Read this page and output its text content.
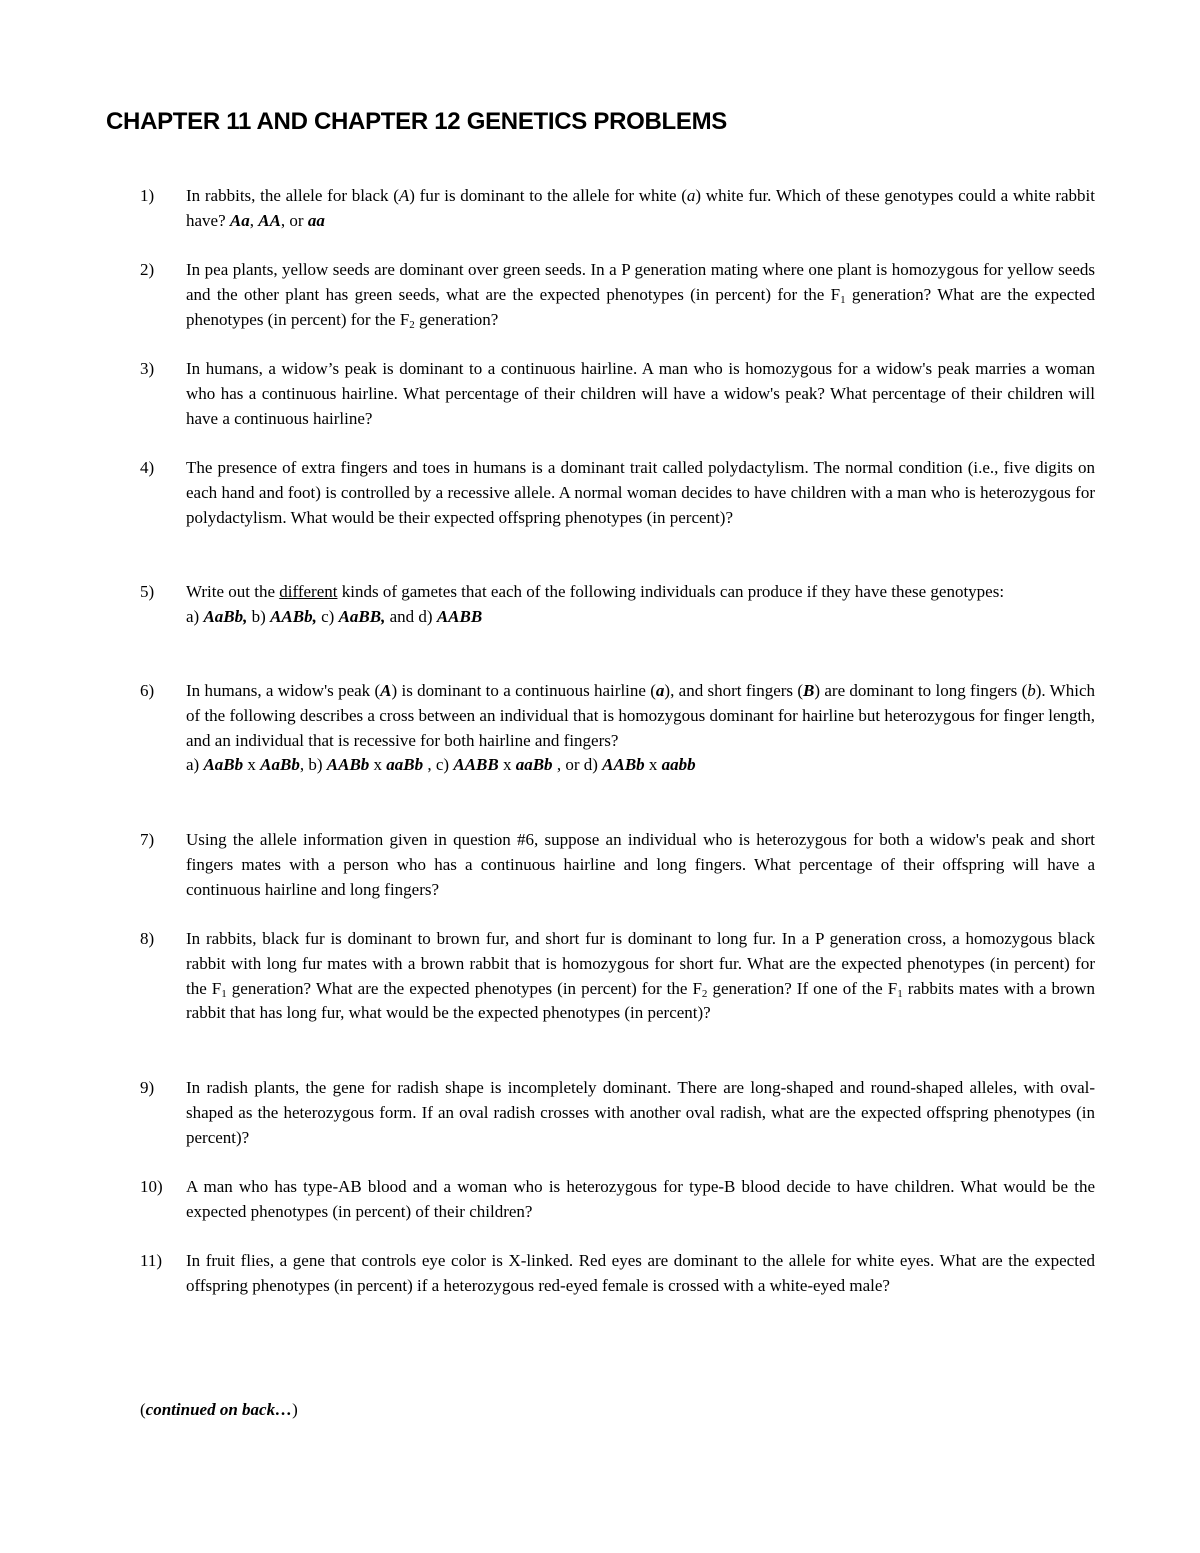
CHAPTER 11 AND CHAPTER 12 GENETICS PROBLEMS
1)	In rabbits, the allele for black (A) fur is dominant to the allele for white (a) white fur. Which of these genotypes could a white rabbit have? Aa, AA, or aa

2)	In pea plants, yellow seeds are dominant over green seeds. In a P generation mating where one plant is homozygous for yellow seeds and the other plant has green seeds, what are the expected phenotypes (in percent) for the $F_1$ generation? What are the expected phenotypes (in percent) for the $F_2$ generation?

3)	In humans, a widow’s peak is dominant to a continuous hairline. A man who is homozygous for a widow's peak marries a woman who has a continuous hairline. What percentage of their children will have a widow's peak? What percentage of their children will have a continuous hairline?

4)	The presence of extra fingers and toes in humans is a dominant trait called polydactylism. The normal condition (i.e., five digits on each hand and foot) is controlled by a recessive allele. A normal woman decides to have children with a man who is heterozygous for polydactylism. What would be their expected offspring phenotypes (in percent)?

5)	Write out the different kinds of gametes that each of the following individuals can produce if they have these genotypes:

a) AaBb, b) AABb, c) AaBB, and d) AABB

6)	In humans, a widow's peak (A) is dominant to a continuous hairline (a), and short fingers (B) are dominant to long fingers (b). Which of the following describes a cross between an individual that is homozygous dominant for hairline but heterozygous for finger length, and an individual that is recessive for both hairline and fingers?

a) AaBb x AaBb, b) AABb x aaBb , c) AABB x aaBb , or d) AABb x aabb

7)	Using the allele information given in question #6, suppose an individual who is heterozygous for both a widow's peak and short fingers mates with a person who has a continuous hairline and long fingers. What percentage of their offspring will have a continuous hairline and long fingers?

8)	In rabbits, black fur is dominant to brown fur, and short fur is dominant to long fur. In a P generation cross, a homozygous black rabbit with long fur mates with a brown rabbit that is homozygous for short fur. What are the expected phenotypes (in percent) for the $F_1$ generation? What are the expected phenotypes (in percent) for the $F_2$ generation? If one of the $F_1$ rabbits mates with a brown rabbit that has long fur, what would be the expected phenotypes (in percent)?

9)	In radish plants, the gene for radish shape is incompletely dominant. There are long-shaped and round-shaped alleles, with oval-shaped as the heterozygous form. If an oval radish crosses with another oval radish, what are the expected offspring phenotypes (in percent)?

10)	A man who has type-AB blood and a woman who is heterozygous for type-B blood decide to have children. What would be the expected phenotypes (in percent) of their children?

11)	In fruit flies, a gene that controls eye color is X-linked. Red eyes are dominant to the allele for white eyes. What are the expected offspring phenotypes (in percent) if a heterozygous red-eyed female is crossed with a white-eyed male?

(continued on back…)
